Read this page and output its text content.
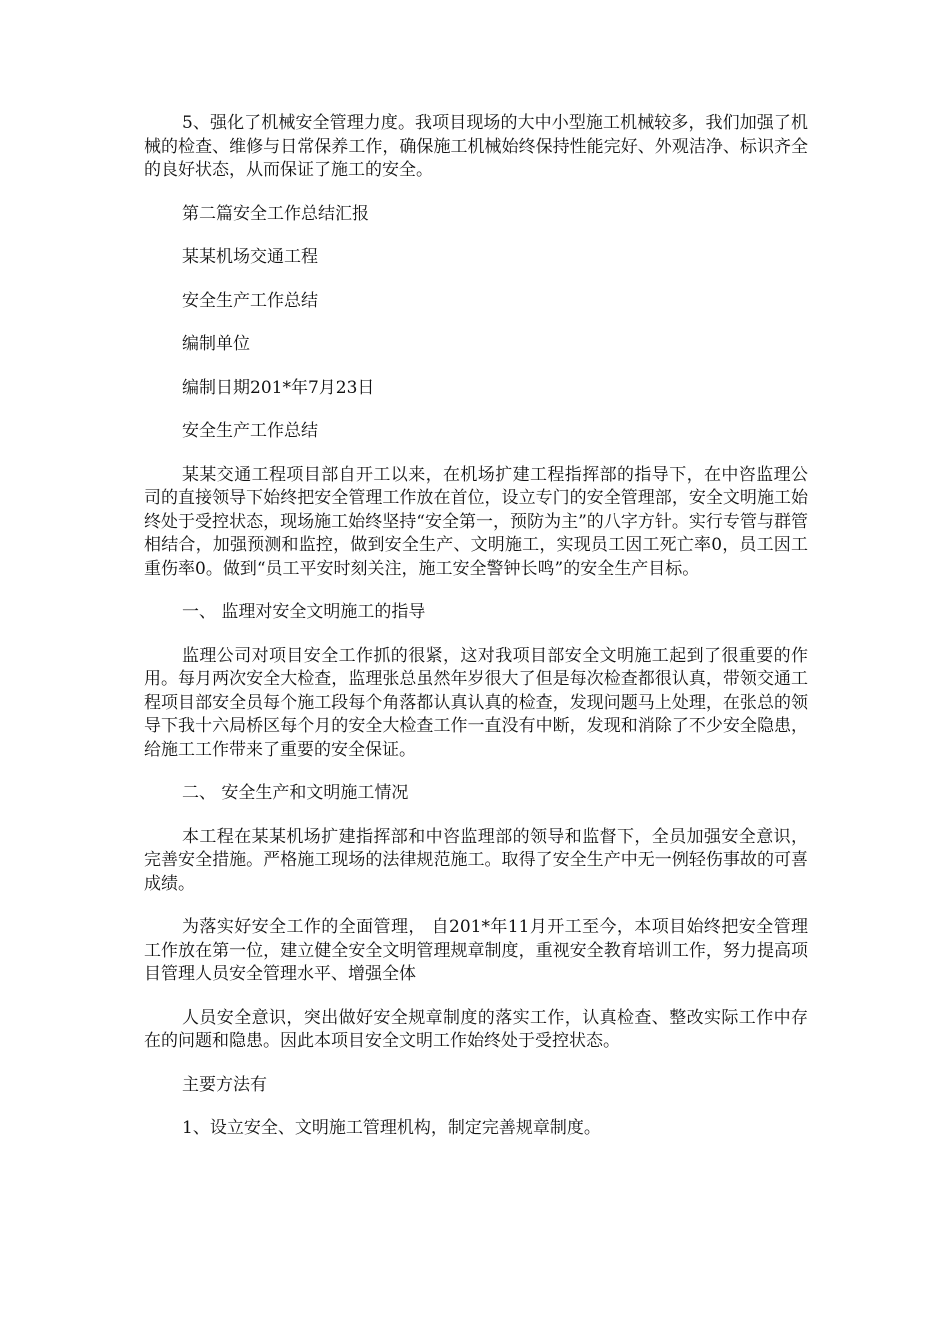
5、强化了机械安全管理力度。我项目现场的大中小型施工机械较多，我们加强了机械的检查、维修与日常保养工作，确保施工机械始终保持性能完好、外观洁净、标识齐全的良好状态，从而保证了施工的安全。

第二篇安全工作总结汇报

某某机场交通工程

安全生产工作总结

编制单位

编制日期201*年7月23日

安全生产工作总结

某某交通工程项目部自开工以来，在机场扩建工程指挥部的指导下，在中咨监理公司的直接领导下始终把安全管理工作放在首位，设立专门的安全管理部，安全文明施工始终处于受控状态，现场施工始终坚持“安全第一，预防为主”的八字方针。实行专管与群管相结合，加强预测和监控，做到安全生产、文明施工，实现员工因工死亡率0，员工因工重伤率0。做到“员工平安时刻关注，施工安全警钟长鸣”的安全生产目标。

一、 监理对安全文明施工的指导

监理公司对项目安全工作抓的很紧，这对我项目部安全文明施工起到了很重要的作用。每月两次安全大检查，监理张总虽然年岁很大了但是每次检查都很认真，带领交通工程项目部安全员每个施工段每个角落都认真认真的检查，发现问题马上处理，在张总的领导下我十六局桥区每个月的安全大检查工作一直没有中断，发现和消除了不少安全隐患，给施工工作带来了重要的安全保证。

二、 安全生产和文明施工情况

本工程在某某机场扩建指挥部和中咨监理部的领导和监督下，全员加强安全意识，完善安全措施。严格施工现场的法律规范施工。取得了安全生产中无一例轻伤事故的可喜成绩。

为落实好安全工作的全面管理， 自201*年11月开工至今，本项目始终把安全管理工作放在第一位，建立健全安全文明管理规章制度，重视安全教育培训工作，努力提高项目管理人员安全管理水平、增强全体

人员安全意识，突出做好安全规章制度的落实工作，认真检查、整改实际工作中存在的问题和隐患。因此本项目安全文明工作始终处于受控状态。

主要方法有

1、设立安全、文明施工管理机构，制定完善规章制度。
